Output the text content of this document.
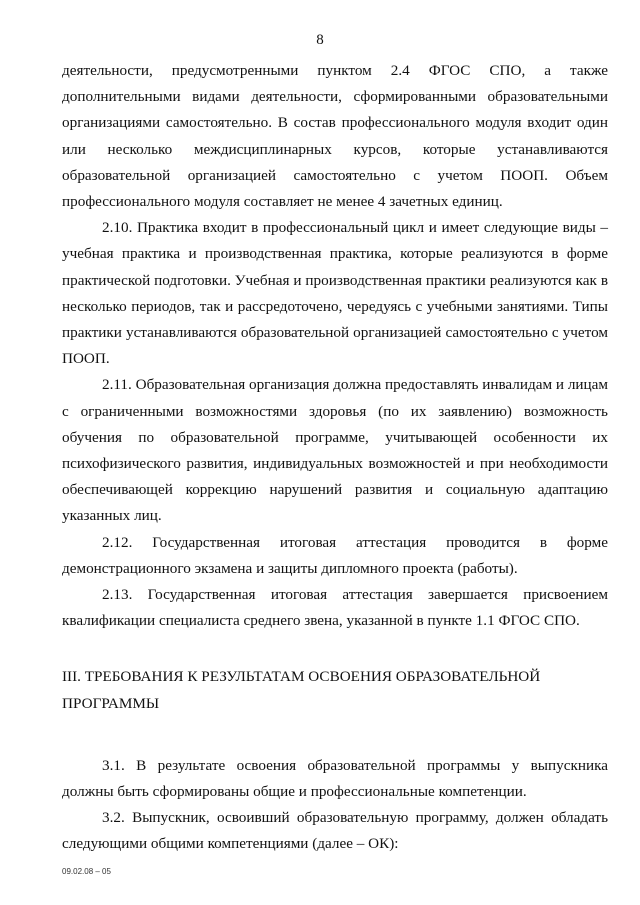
8

деятельности, предусмотренными пунктом 2.4 ФГОС СПО, а также дополнительными видами деятельности, сформированными образовательными организациями самостоятельно. В состав профессионального модуля входит один или несколько междисциплинарных курсов, которые устанавливаются образовательной организацией самостоятельно с учетом ПООП. Объем профессионального модуля составляет не менее 4 зачетных единиц.

2.10. Практика входит в профессиональный цикл и имеет следующие виды – учебная практика и производственная практика, которые реализуются в форме практической подготовки. Учебная и производственная практики реализуются как в несколько периодов, так и рассредоточено, чередуясь с учебными занятиями. Типы практики устанавливаются образовательной организацией самостоятельно с учетом ПООП.

2.11. Образовательная организация должна предоставлять инвалидам и лицам с ограниченными возможностями здоровья (по их заявлению) возможность обучения по образовательной программе, учитывающей особенности их психофизического развития, индивидуальных возможностей и при необходимости обеспечивающей коррекцию нарушений развития и социальную адаптацию указанных лиц.

2.12. Государственная итоговая аттестация проводится в форме демонстрационного экзамена и защиты дипломного проекта (работы).

2.13. Государственная итоговая аттестация завершается присвоением квалификации специалиста среднего звена, указанной в пункте 1.1 ФГОС СПО.

III. ТРЕБОВАНИЯ К РЕЗУЛЬТАТАМ ОСВОЕНИЯ ОБРАЗОВАТЕЛЬНОЙ
ПРОГРАММЫ

3.1. В результате освоения образовательной программы у выпускника должны быть сформированы общие и профессиональные компетенции.

3.2. Выпускник, освоивший образовательную программу, должен обладать следующими общими компетенциями (далее – ОК):

09.02.08 – 05
